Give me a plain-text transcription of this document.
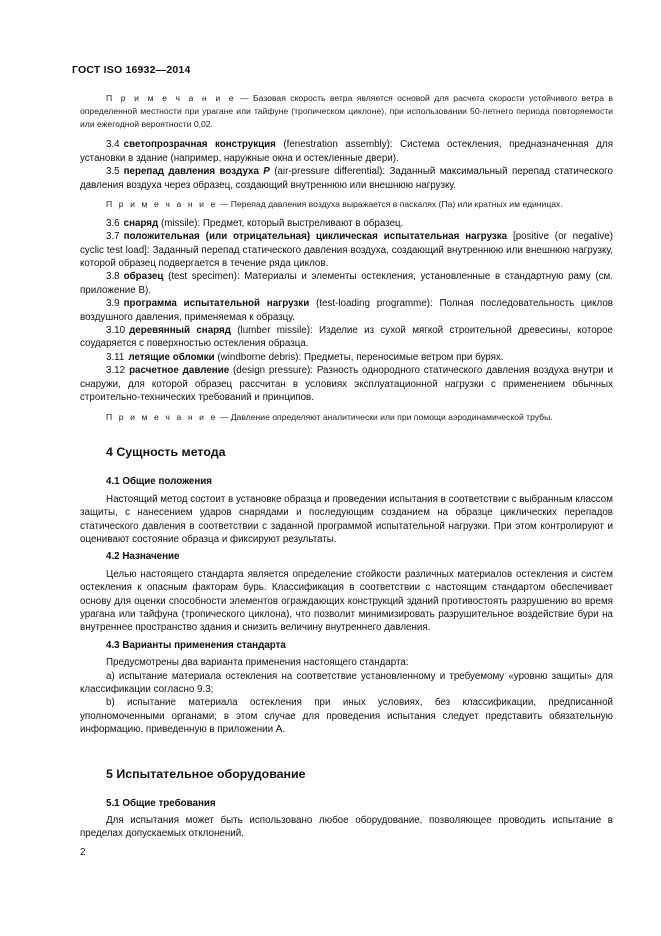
ГОСТ ISO 16932—2014

П р и м е ч а н и е — Базовая скорость ветра является основой для расчета скорости устойчивого ветра в определенной местности при урагане или тайфуне (тропическом циклоне), при использовании 50-летнего периода повторяемости или ежегодной вероятности 0,02.

3.4 светопрозрачная конструкция (fenestration assembly): Система остекления, предназначенная для установки в здание (например, наружные окна и остекленные двери).

3.5 перепад давления воздуха P (air-pressure differential): Заданный максимальный перепад статического давления воздуха через образец, создающий внутреннюю или внешнюю нагрузку.

П р и м е ч а н и е — Перепад давления воздуха выражается в паскалях (Па) или кратных им единицах.

3.6 снаряд (missile): Предмет, который выстреливают в образец.

3.7 положительная (или отрицательная) циклическая испытательная нагрузка [positive (or negative) cyclic test load]: Заданный перепад статического давления воздуха, создающий внутреннюю или внешнюю нагрузку, которой образец подвергается в течение ряда циклов.

3.8 образец (test specimen): Материалы и элементы остекления, установленные в стандартную раму (см. приложение В).

3.9 программа испытательной нагрузки (test-loading programme): Полная последовательность циклов воздушного давления, применяемая к образцу.

3.10 деревянный снаряд (lumber missile): Изделие из сухой мягкой строительной древесины, которое соударяется с поверхностью остекления образца.

3.11 летящие обломки (windborne debris): Предметы, переносимые ветром при бурях.

3.12 расчетное давление (design pressure): Разность однородного статического давления воздуха внутри и снаружи, для которой образец рассчитан в условиях эксплуатационной нагрузки с применением обычных строительно-технических требований и принципов.

П р и м е ч а н и е — Давление определяют аналитически или при помощи аэродинамической трубы.

4 Сущность метода
4.1 Общие положения

Настоящий метод состоит в установке образца и проведении испытания в соответствии с выбранным классом защиты, с нанесением ударов снарядами и последующим созданием на образце циклических перепадов статического давления в соответствии с заданной программой испытательной нагрузки. При этом контролируют и оценивают состояние образца и фиксируют результаты.

4.2 Назначение

Целью настоящего стандарта является определение стойкости различных материалов остекления и систем остекления к опасным факторам бурь. Классификация в соответствии с настоящим стандартом обеспечивает основу для оценки способности элементов ограждающих конструкций зданий противостоять разрушению во время урагана или тайфуна (тропического циклона), что позволит минимизировать разрушительное воздействие бури на внутреннее пространство здания и снизить величину внутреннего давления.

4.3 Варианты применения стандарта

Предусмотрены два варианта применения настоящего стандарта:

а) испытание материала остекления на соответствие установленному и требуемому «уровню защиты» для классификации согласно 9.3;

b) испытание материала остекления при иных условиях, без классификации, предписанной уполномоченными органами; в этом случае для проведения испытания следует представить обязательную информацию, приведенную в приложении А.

5 Испытательное оборудование
5.1 Общие требования

Для испытания может быть использовано любое оборудование, позволяющее проводить испытание в пределах допускаемых отклонений.

2
